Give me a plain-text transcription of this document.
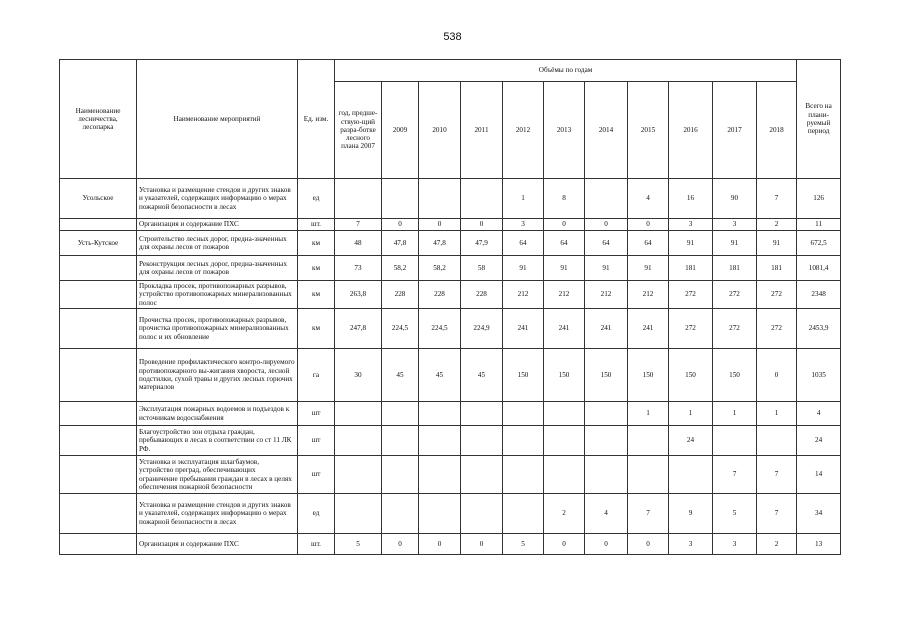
538
Наименование лесничества, лесопарка	Наименование мероприятий	Ед. изм.	Объёмы по годам											Всего на плани-руемый период
			год, предше-ствую-щий разра-ботке лесного плана 2007	2009	2010	2011	2012	2013	2014	2015	2016	2017	2018	
Усольское	Установка и размещение стендов и других знаков и указателей, содержащих информацию о мерах пожарной безопасности в лесах	ед					1	8		4	16	90	7	126
	Организация и содержание ПХС	шт.	7	0	0	0	3	0	0	0	3	3	2	11
Усть-Кутское	Строительство лесных дорог, предна-значенных для охраны лесов от пожаров	км	48	47,8	47,8	47,9	64	64	64	64	91	91	91	672,5
	Реконструкция лесных дорог, предна-значенных для охраны лесов от пожаров	км	73	58,2	58,2	58	91	91	91	91	181	181	181	1081,4
	Прокладка просек, противопожарных разрывов, устройство противопожарных минерализованных полос	км	263,8	228	228	228	212	212	212	212	272	272	272	2348
	Прочистка просек, противопожарных разрывов, прочистка противопожарных минерализованных полос и их обновление	км	247,8	224,5	224,5	224,9	241	241	241	241	272	272	272	2453,9
	Проведение профилактического контро-лируемого противопожарного вы-жигания хвороста, лесной подстилки, сухой травы и других лесных горючих материалов	га	30	45	45	45	150	150	150	150	150	150	0	1035
	Эксплуатация пожарных водоемов и подъездов к источникам водоснабжения	шт								1	1	1	1	4
	Благоустройство зон отдыха граждан, пребывающих в лесах в соответствии со ст 11 ЛК РФ.	шт									24			24
	Установка и эксплуатация шлагбаумов, устройство преград, обеспечивающих ограничение пребывания граждан в лесах в целях обеспечения пожарной безопасности	шт										7	7	14
	Установка и размещение стендов и других знаков и указателей, содержащих информацию о мерах пожарной безопасности в лесах	ед						2	4	7	9	5	7	34
	Организация и содержание ПХС	шт.	5	0	0	0	5	0	0	0	3	3	2	13
